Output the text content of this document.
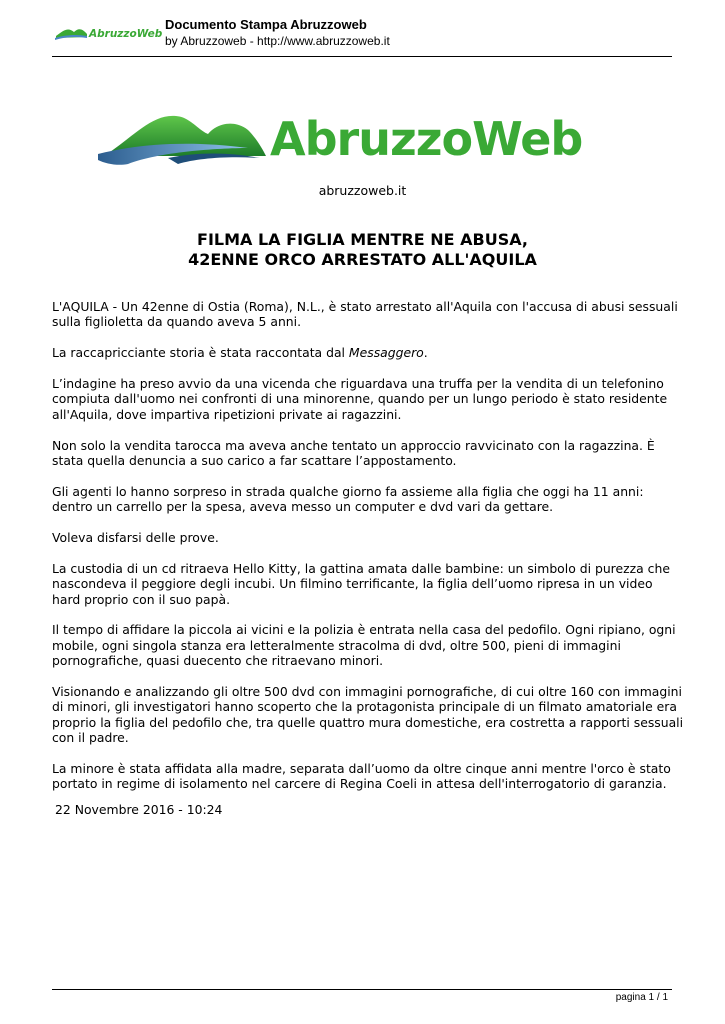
AbruzzoWeb
Documento Stampa Abruzzoweb
by Abruzzoweb - http://www.abruzzoweb.it
AbruzzoWeb
abruzzoweb.it
FILMA LA FIGLIA MENTRE NE ABUSA,
42ENNE ORCO ARRESTATO ALL'AQUILA

L'AQUILA - Un 42enne di Ostia (Roma), N.L., è stato arrestato all'Aquila con l'accusa di abusi sessuali
sulla figlioletta da quando aveva 5 anni.

La raccapricciante storia è stata raccontata dal Messaggero.

L’indagine ha preso avvio da una vicenda che riguardava una truffa per la vendita di un telefonino
compiuta dall'uomo nei confronti di una minorenne, quando per un lungo periodo è stato residente
all'Aquila, dove impartiva ripetizioni private ai ragazzini.

Non solo la vendita tarocca ma aveva anche tentato un approccio ravvicinato con la ragazzina. È
stata quella denuncia a suo carico a far scattare l’appostamento.

Gli agenti lo hanno sorpreso in strada qualche giorno fa assieme alla figlia che oggi ha 11 anni:
dentro un carrello per la spesa, aveva messo un computer e dvd vari da gettare.

Voleva disfarsi delle prove.

La custodia di un cd ritraeva Hello Kitty, la gattina amata dalle bambine: un simbolo di purezza che
nascondeva il peggiore degli incubi. Un filmino terrificante, la figlia dell’uomo ripresa in un video
hard proprio con il suo papà.

Il tempo di affidare la piccola ai vicini e la polizia è entrata nella casa del pedofilo. Ogni ripiano, ogni
mobile, ogni singola stanza era letteralmente stracolma di dvd, oltre 500, pieni di immagini
pornografiche, quasi duecento che ritraevano minori.

Visionando e analizzando gli oltre 500 dvd con immagini pornografiche, di cui oltre 160 con immagini
di minori, gli investigatori hanno scoperto che la protagonista principale di un filmato amatoriale era
proprio la figlia del pedofilo che, tra quelle quattro mura domestiche, era costretta a rapporti sessuali
con il padre.

La minore è stata affidata alla madre, separata dall’uomo da oltre cinque anni mentre l'orco è stato
portato in regime di isolamento nel carcere di Regina Coeli in attesa dell'interrogatorio di garanzia.

22 Novembre 2016 - 10:24
pagina 1 / 1
